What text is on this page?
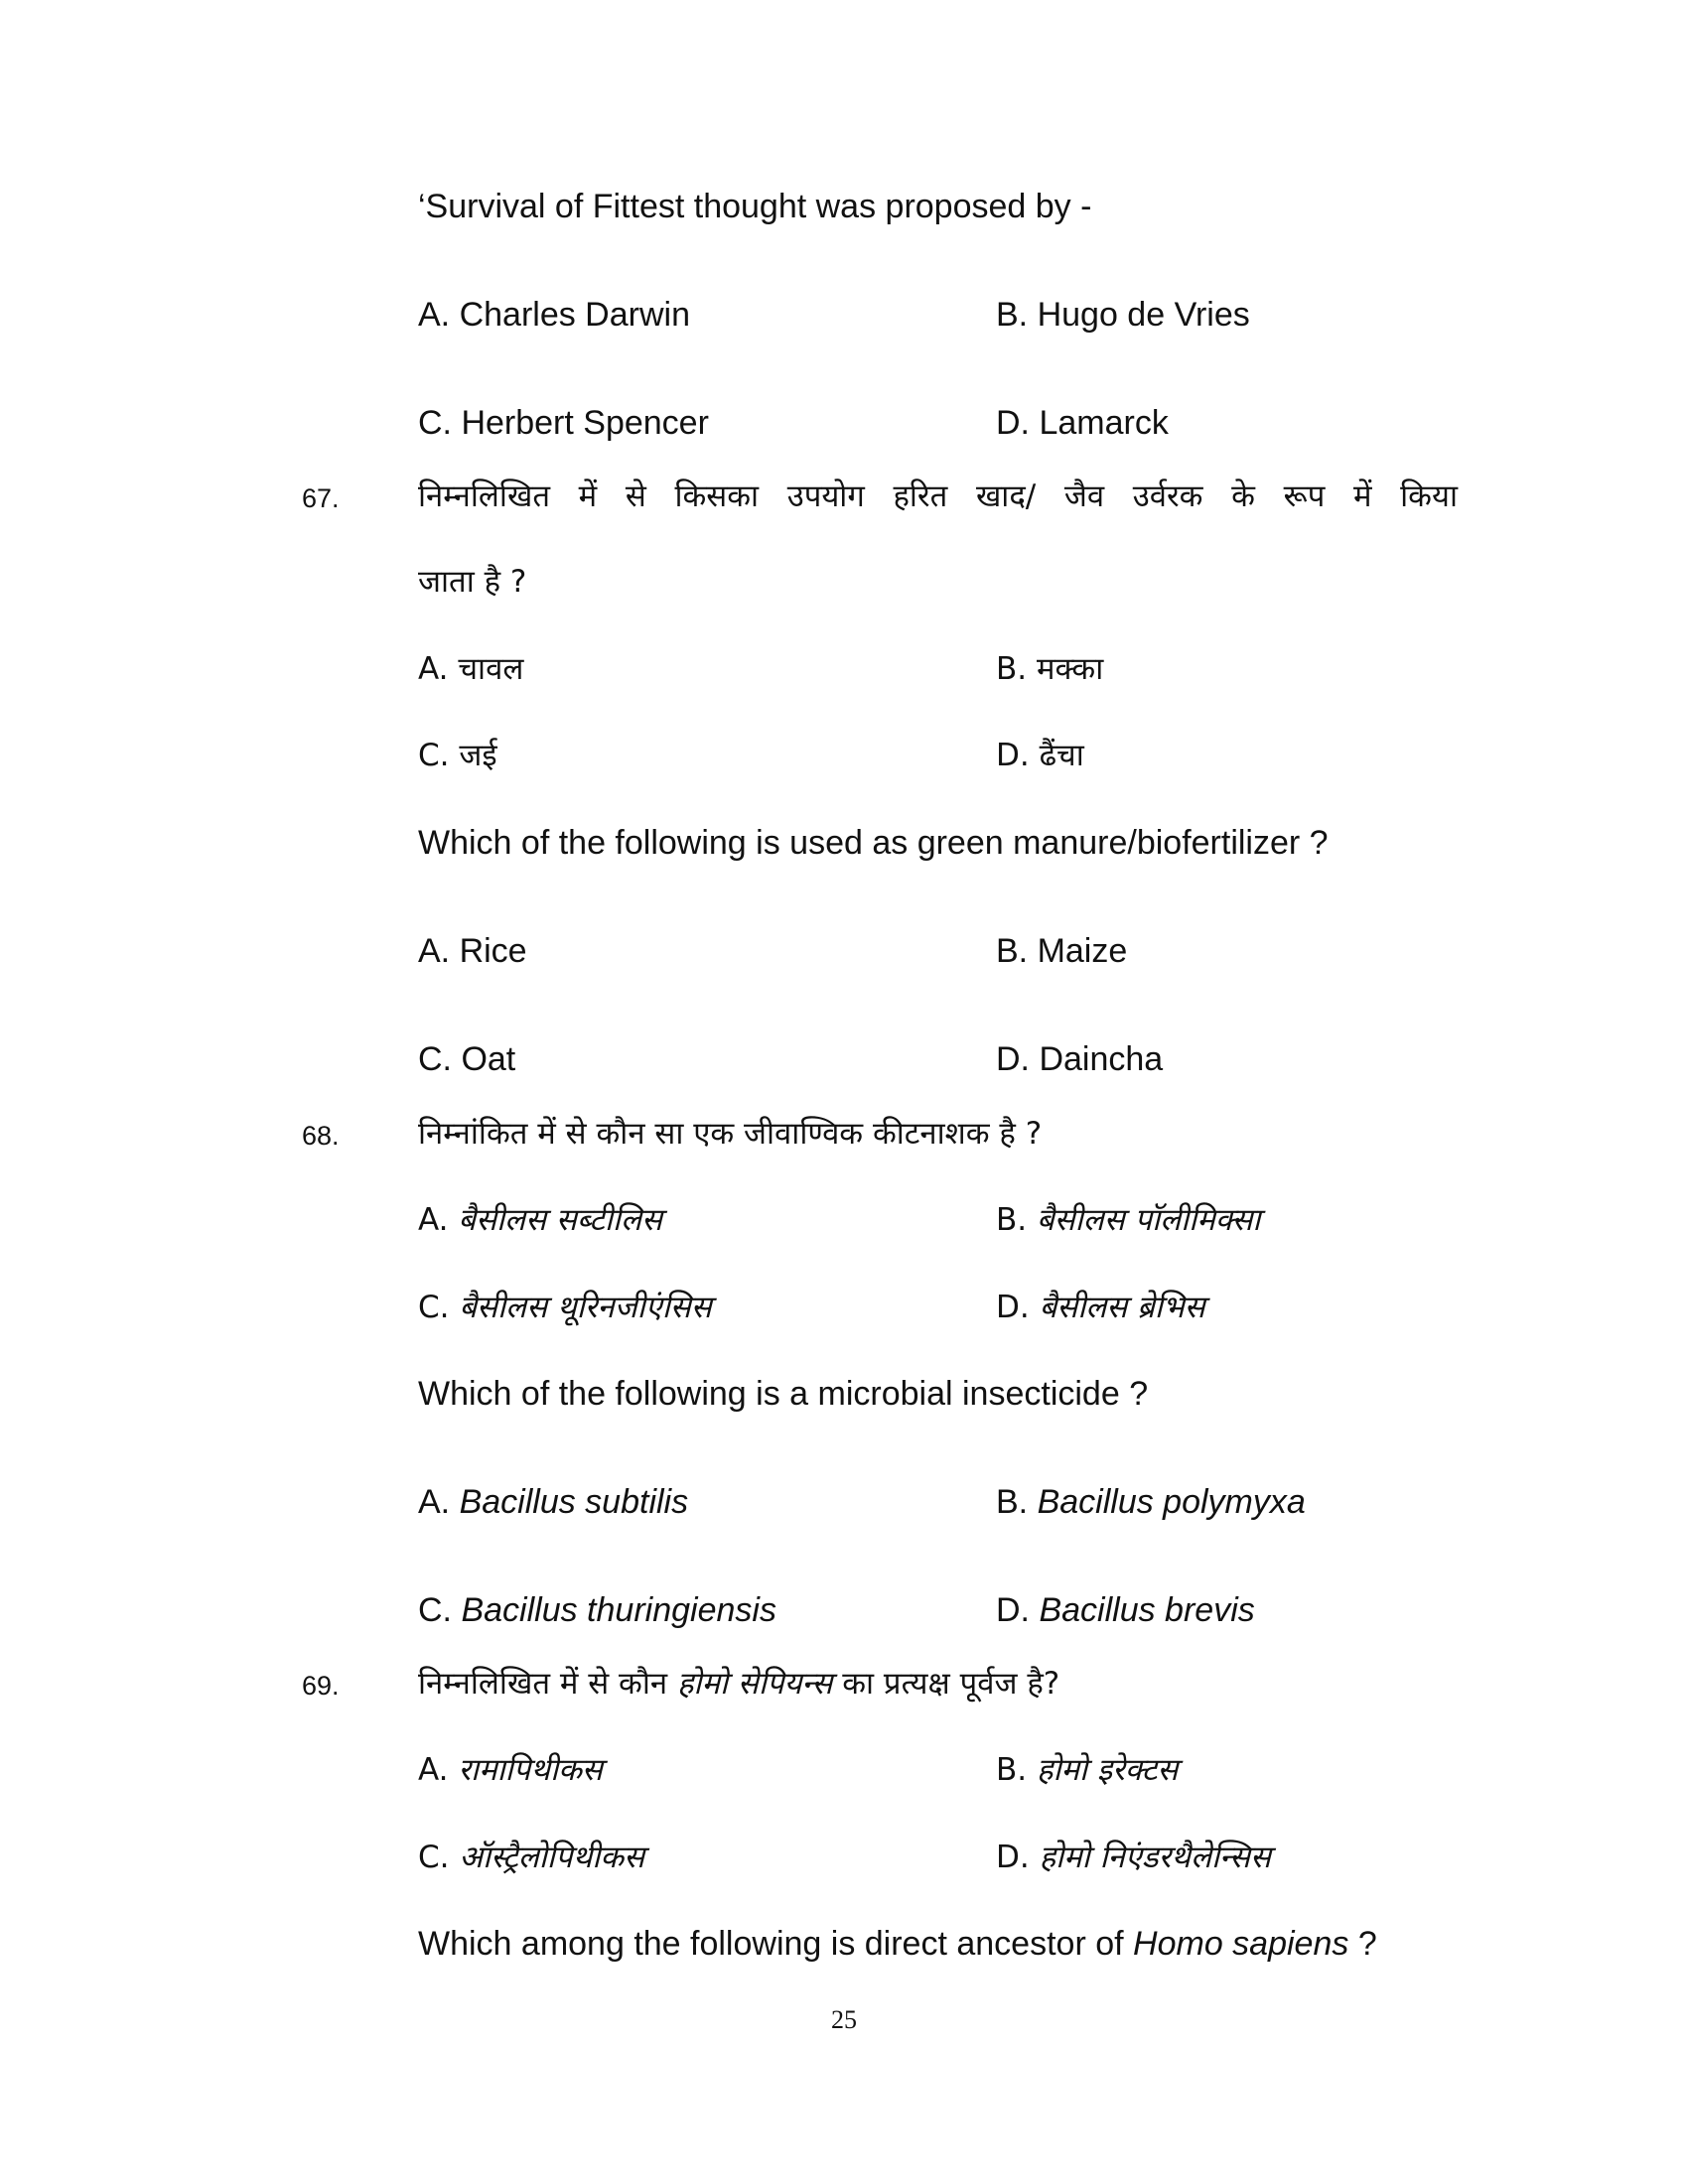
‘Survival of Fittest thought was proposed by -
A. Charles Darwin	B. Hugo de Vries
C. Herbert Spencer	D. Lamarck
67.	निम्नलिखित में से किसका उपयोग हरित खाद/ जैव उर्वरक के रूप में किया
जाता है ?
A. चावल	B. मक्का
C. जई	D. ढैंचा
Which of the following is used as green manure/biofertilizer ?
A. Rice	B. Maize
C. Oat	D. Daincha
68.	निम्नांकित में से कौन सा एक जीवाण्विक कीटनाशक है ?
A. बैसीलस सब्टीलिस	B. बैसीलस पॉलीमिक्सा
C. बैसीलस थूरिनजीएंसिस	D. बैसीलस ब्रेभिस
Which of the following is a microbial insecticide ?
A. Bacillus subtilis	B. Bacillus polymyxa
C. Bacillus thuringiensis	D. Bacillus brevis
69.	निम्नलिखित में से कौन होमो सेपियन्स का प्रत्यक्ष पूर्वज है?
A. रामापिथीकस	B. होमो इरेक्टस
C. ऑस्ट्रैलोपिथीकस	D. होमो निएंडरथैलेन्सिस
Which among the following is direct ancestor of Homo sapiens ?
25
